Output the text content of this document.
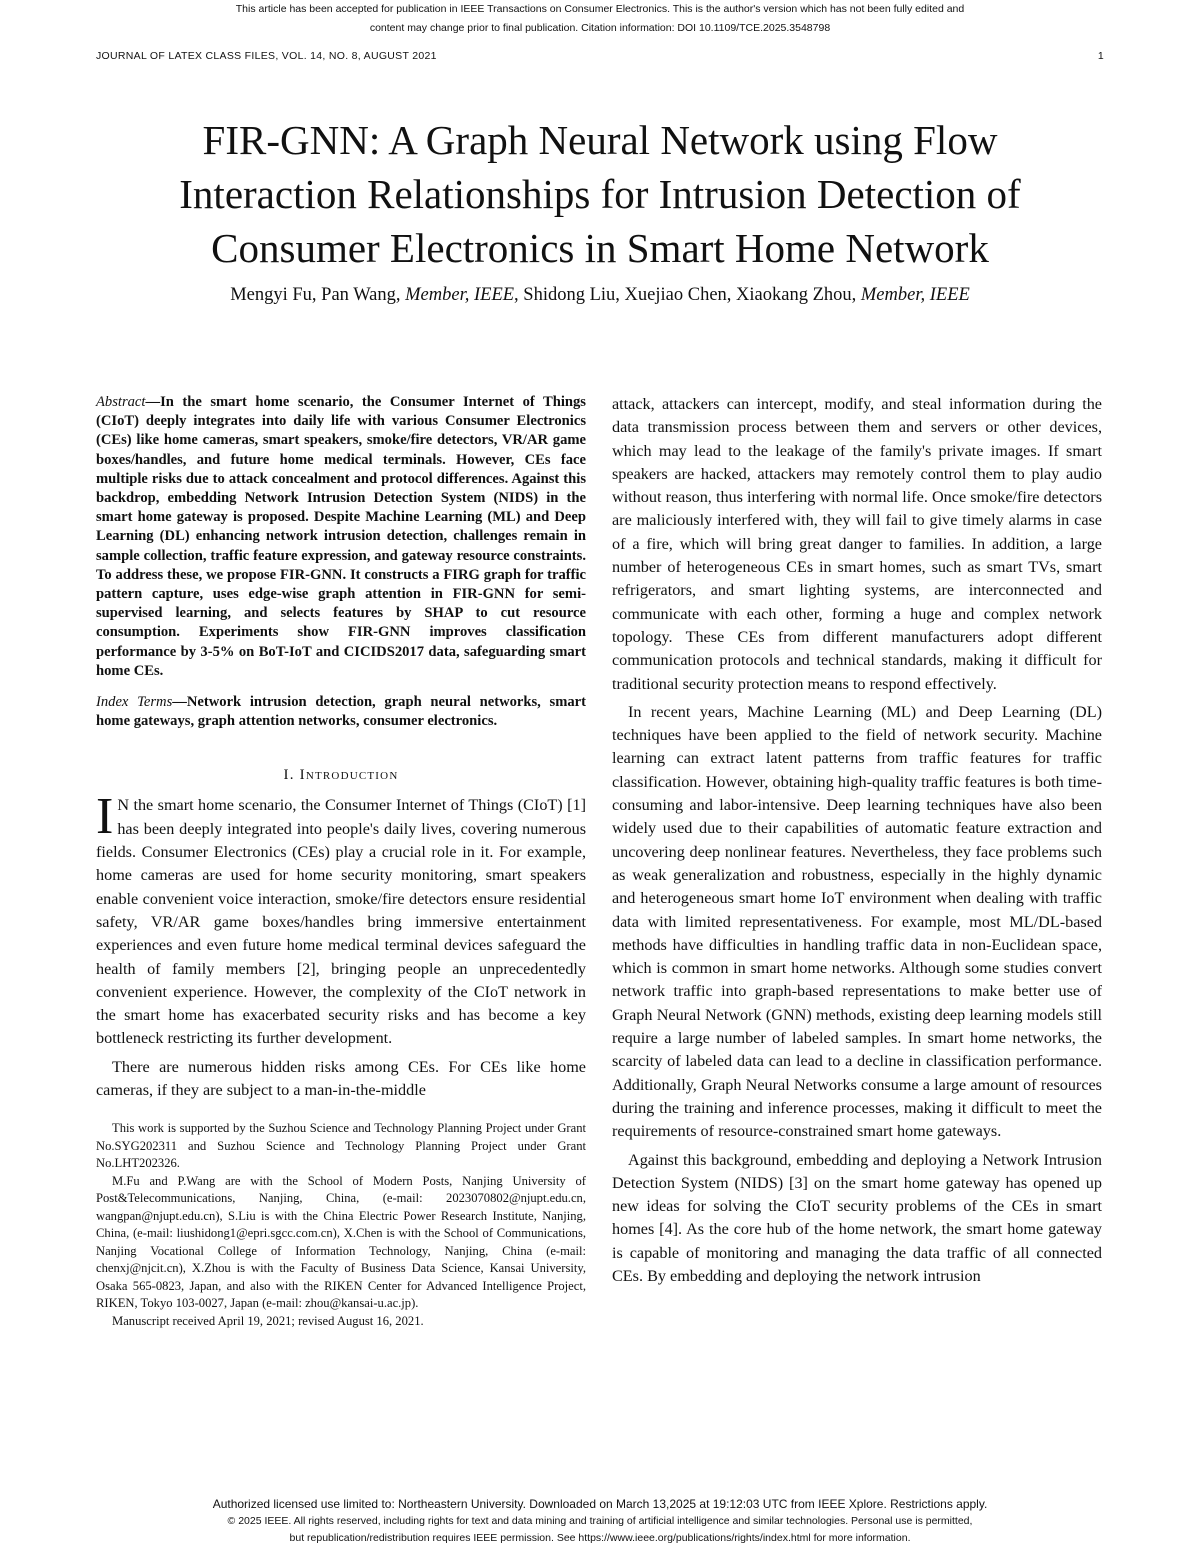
This article has been accepted for publication in IEEE Transactions on Consumer Electronics. This is the author's version which has not been fully edited and
content may change prior to final publication. Citation information: DOI 10.1109/TCE.2025.3548798
JOURNAL OF LATEX CLASS FILES, VOL. 14, NO. 8, AUGUST 2021	1
FIR-GNN: A Graph Neural Network using Flow
Interaction Relationships for Intrusion Detection of
Consumer Electronics in Smart Home Network
Mengyi Fu, Pan Wang, Member, IEEE, Shidong Liu, Xuejiao Chen, Xiaokang Zhou, Member, IEEE

Abstract—In the smart home scenario, the Consumer Internet of Things (CIoT) deeply integrates into daily life with various Consumer Electronics (CEs) like home cameras, smart speakers, smoke/fire detectors, VR/AR game boxes/handles, and future home medical terminals. However, CEs face multiple risks due to attack concealment and protocol differences. Against this backdrop, embedding Network Intrusion Detection System (NIDS) in the smart home gateway is proposed. Despite Machine Learning (ML) and Deep Learning (DL) enhancing network intrusion detection, challenges remain in sample collection, traffic feature expression, and gateway resource constraints. To address these, we propose FIR-GNN. It constructs a FIRG graph for traffic pattern capture, uses edge-wise graph attention in FIR-GNN for semi-supervised learning, and selects features by SHAP to cut resource consumption. Experiments show FIR-GNN improves classification performance by 3-5% on BoT-IoT and CICIDS2017 data, safeguarding smart home CEs.

Index Terms—Network intrusion detection, graph neural networks, smart home gateways, graph attention networks, consumer electronics.

I. Introduction

I N the smart home scenario, the Consumer Internet of Things (CIoT) [1] has been deeply integrated into people's daily lives, covering numerous fields. Consumer Electronics (CEs) play a crucial role in it. For example, home cameras are used for home security monitoring, smart speakers enable convenient voice interaction, smoke/fire detectors ensure residential safety, VR/AR game boxes/handles bring immersive entertainment experiences and even future home medical terminal devices safeguard the health of family members [2], bringing people an unprecedentedly convenient experience. However, the complexity of the CIoT network in the smart home has exacerbated security risks and has become a key bottleneck restricting its further development.

There are numerous hidden risks among CEs. For CEs like home cameras, if they are subject to a man-in-the-middle

This work is supported by the Suzhou Science and Technology Planning Project under Grant No.SYG202311 and Suzhou Science and Technology Planning Project under Grant No.LHT202326.

M.Fu and P.Wang are with the School of Modern Posts, Nanjing University of Post&Telecommunications, Nanjing, China, (e-mail: 2023070802@njupt.edu.cn, wangpan@njupt.edu.cn), S.Liu is with the China Electric Power Research Institute, Nanjing, China, (e-mail: liushidong1@epri.sgcc.com.cn), X.Chen is with the School of Communications, Nanjing Vocational College of Information Technology, Nanjing, China (e-mail: chenxj@njcit.cn), X.Zhou is with the Faculty of Business Data Science, Kansai University, Osaka 565-0823, Japan, and also with the RIKEN Center for Advanced Intelligence Project, RIKEN, Tokyo 103-0027, Japan (e-mail: zhou@kansai-u.ac.jp).

Manuscript received April 19, 2021; revised August 16, 2021.

attack, attackers can intercept, modify, and steal information during the data transmission process between them and servers or other devices, which may lead to the leakage of the family's private images. If smart speakers are hacked, attackers may remotely control them to play audio without reason, thus interfering with normal life. Once smoke/fire detectors are maliciously interfered with, they will fail to give timely alarms in case of a fire, which will bring great danger to families. In addition, a large number of heterogeneous CEs in smart homes, such as smart TVs, smart refrigerators, and smart lighting systems, are interconnected and communicate with each other, forming a huge and complex network topology. These CEs from different manufacturers adopt different communication protocols and technical standards, making it difficult for traditional security protection means to respond effectively.

In recent years, Machine Learning (ML) and Deep Learning (DL) techniques have been applied to the field of network security. Machine learning can extract latent patterns from traffic features for traffic classification. However, obtaining high-quality traffic features is both time-consuming and labor-intensive. Deep learning techniques have also been widely used due to their capabilities of automatic feature extraction and uncovering deep nonlinear features. Nevertheless, they face problems such as weak generalization and robustness, especially in the highly dynamic and heterogeneous smart home IoT environment when dealing with traffic data with limited representativeness. For example, most ML/DL-based methods have difficulties in handling traffic data in non-Euclidean space, which is common in smart home networks. Although some studies convert network traffic into graph-based representations to make better use of Graph Neural Network (GNN) methods, existing deep learning models still require a large number of labeled samples. In smart home networks, the scarcity of labeled data can lead to a decline in classification performance. Additionally, Graph Neural Networks consume a large amount of resources during the training and inference processes, making it difficult to meet the requirements of resource-constrained smart home gateways.

Against this background, embedding and deploying a Network Intrusion Detection System (NIDS) [3] on the smart home gateway has opened up new ideas for solving the CIoT security problems of the CEs in smart homes [4]. As the core hub of the home network, the smart home gateway is capable of monitoring and managing the data traffic of all connected CEs. By embedding and deploying the network intrusion

Authorized licensed use limited to: Northeastern University. Downloaded on March 13,2025 at 19:12:03 UTC from IEEE Xplore. Restrictions apply.
© 2025 IEEE. All rights reserved, including rights for text and data mining and training of artificial intelligence and similar technologies. Personal use is permitted,
but republication/redistribution requires IEEE permission. See https://www.ieee.org/publications/rights/index.html for more information.
